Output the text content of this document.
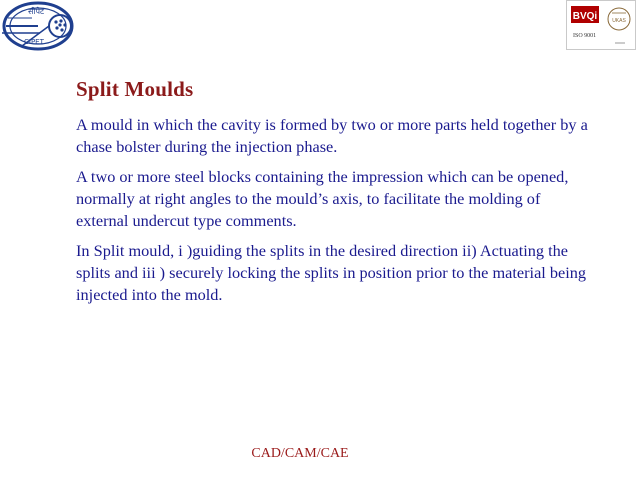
सीपेट
CIPET
BVQi	UKAS
ISO 9001
Split Moulds

A mould in which the cavity is formed by two or more parts held together by a chase bolster during the injection phase.

A two or more steel blocks containing the impression which can be opened, normally at right angles to the mould’s axis, to facilitate the molding of external undercut type comments.

In Split mould, i )guiding the splits in the desired direction ii) Actuating the splits and iii ) securely locking the splits in position prior to the material being injected into the mold.

CAD/CAM/CAE
